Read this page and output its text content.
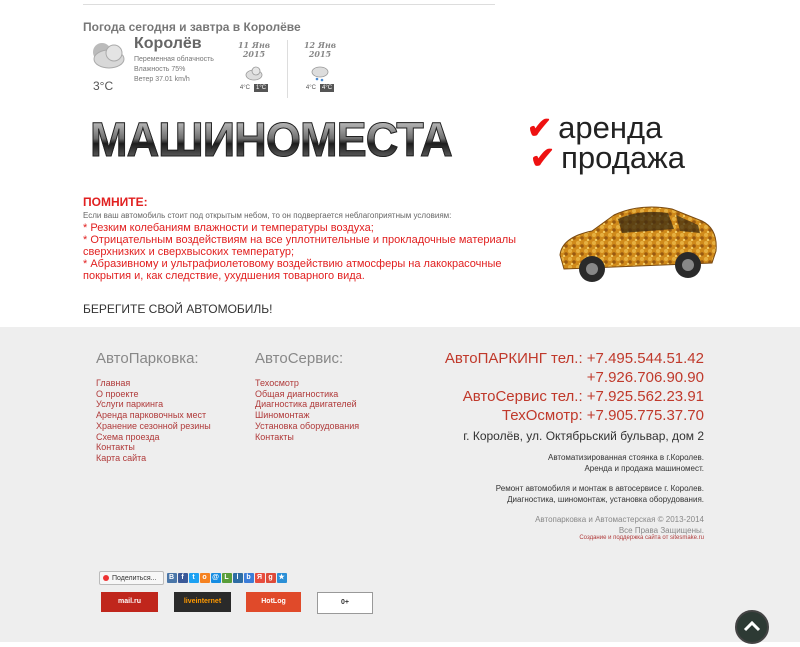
Погода сегодня и завтра в Королёве
3°C
Королёв
Переменная облачность
Влажность 75%
Ветер 37.01 km/h
11 Янв
2015
4°C 1°C
12 Янв
2015
4°C 4°C
МАШИНОМЕСТА	✔ аренда
✔ продажа
ПОМНИТЕ:
Если ваш автомобиль стоит под открытым небом, то он подвергается неблагоприятным условиям:
* Резким колебаниям влажности и температуры воздуха;
* Отрицательным воздействиям на все уплотнительные и прокладочные материалы сверхнизких и сверхвысоких температур;
* Абразивному и ультрафиолетовому воздействию атмосферы на лакокрасочные покрытия и, как следствие, ухудшения товарного вида.
БЕРЕГИТЕ СВОЙ АВТОМОБИЛЬ!
АвтоПарковка:
Главная
О проекте
Услуги паркинга
Аренда парковочных мест
Хранение сезонной резины
Схема проезда
Контакты
Карта сайта
АвтоСервис:
Техосмотр
Общая диагностика
Диагностика двигателей
Шиномонтаж
Установка оборудования
Контакты
АвтоПАРКИНГ тел.: +7.495.544.51.42
+7.926.706.90.90
АвтоСервис тел.: +7.925.562.23.91
ТехОсмотр: +7.905.775.37.70
г. Королёв, ул. Октябрьский бульвар, дом 2
Автоматизированная стоянка в г.Королев.
Аренда и продажа машиномест.
Ремонт автомобиля и монтаж в автосервисе г. Королев.
Диагностика, шиномонтаж, установка оборудования.
Автопарковка и Автомастерская © 2013-2014
Все Права Защищены.
Создание и поддержка сайта от sitesmake.ru
Поделиться...	В	f	t	o @ L	l	b Я g ★
mail.ru	liveinternet	HotLog	0+
